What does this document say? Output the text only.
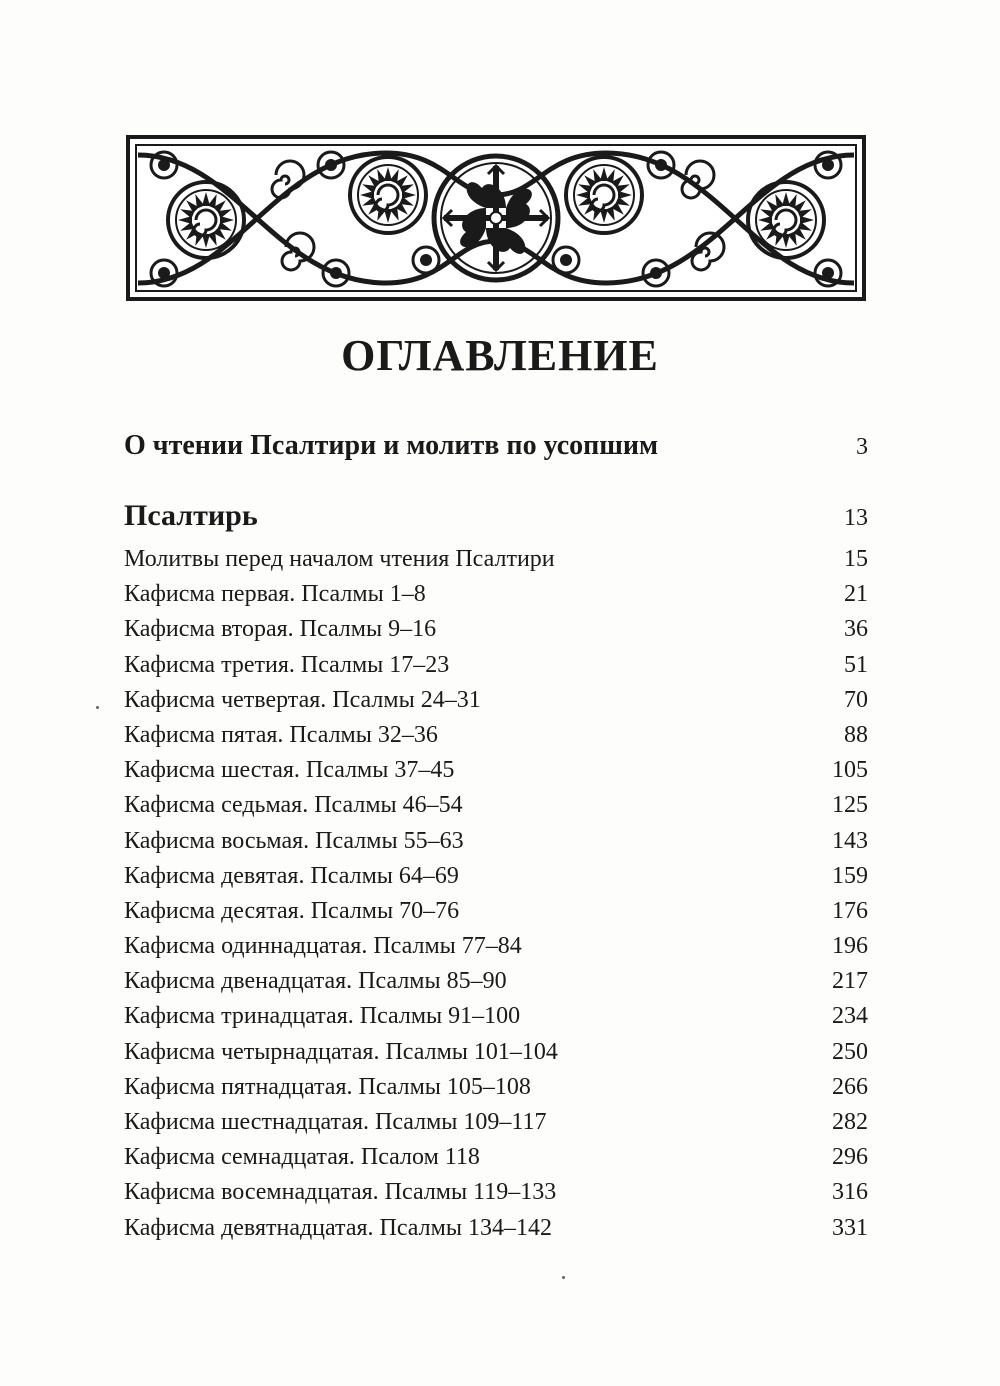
ОГЛАВЛЕНИЕ
О чтении Псалтири и молитв по усопшим .....	3
Псалтирь .....	13
Молитвы перед началом чтения Псалтири .....	15
Кафисма первая. Псалмы 1–8 .....	21
Кафисма вторая. Псалмы 9–16 .....	36
Кафисма третия. Псалмы 17–23 .....	51
Кафисма четвертая. Псалмы 24–31 .....	70
Кафисма пятая. Псалмы 32–36 .....	88
Кафисма шестая. Псалмы 37–45 .....	105
Кафисма седьмая. Псалмы 46–54 .....	125
Кафисма восьмая. Псалмы 55–63 .....	143
Кафисма девятая. Псалмы 64–69 .....	159
Кафисма десятая. Псалмы 70–76 .....	176
Кафисма одиннадцатая. Псалмы 77–84 .....	196
Кафисма двенадцатая. Псалмы 85–90 .....	217
Кафисма тринадцатая. Псалмы 91–100 .....	234
Кафисма четырнадцатая. Псалмы 101–104 .....	250
Кафисма пятнадцатая. Псалмы 105–108 .....	266
Кафисма шестнадцатая. Псалмы 109–117 .....	282
Кафисма семнадцатая. Псалом 118 .....	296
Кафисма восемнадцатая. Псалмы 119–133 .....	316
Кафисма девятнадцатая. Псалмы 134–142 .....	331
